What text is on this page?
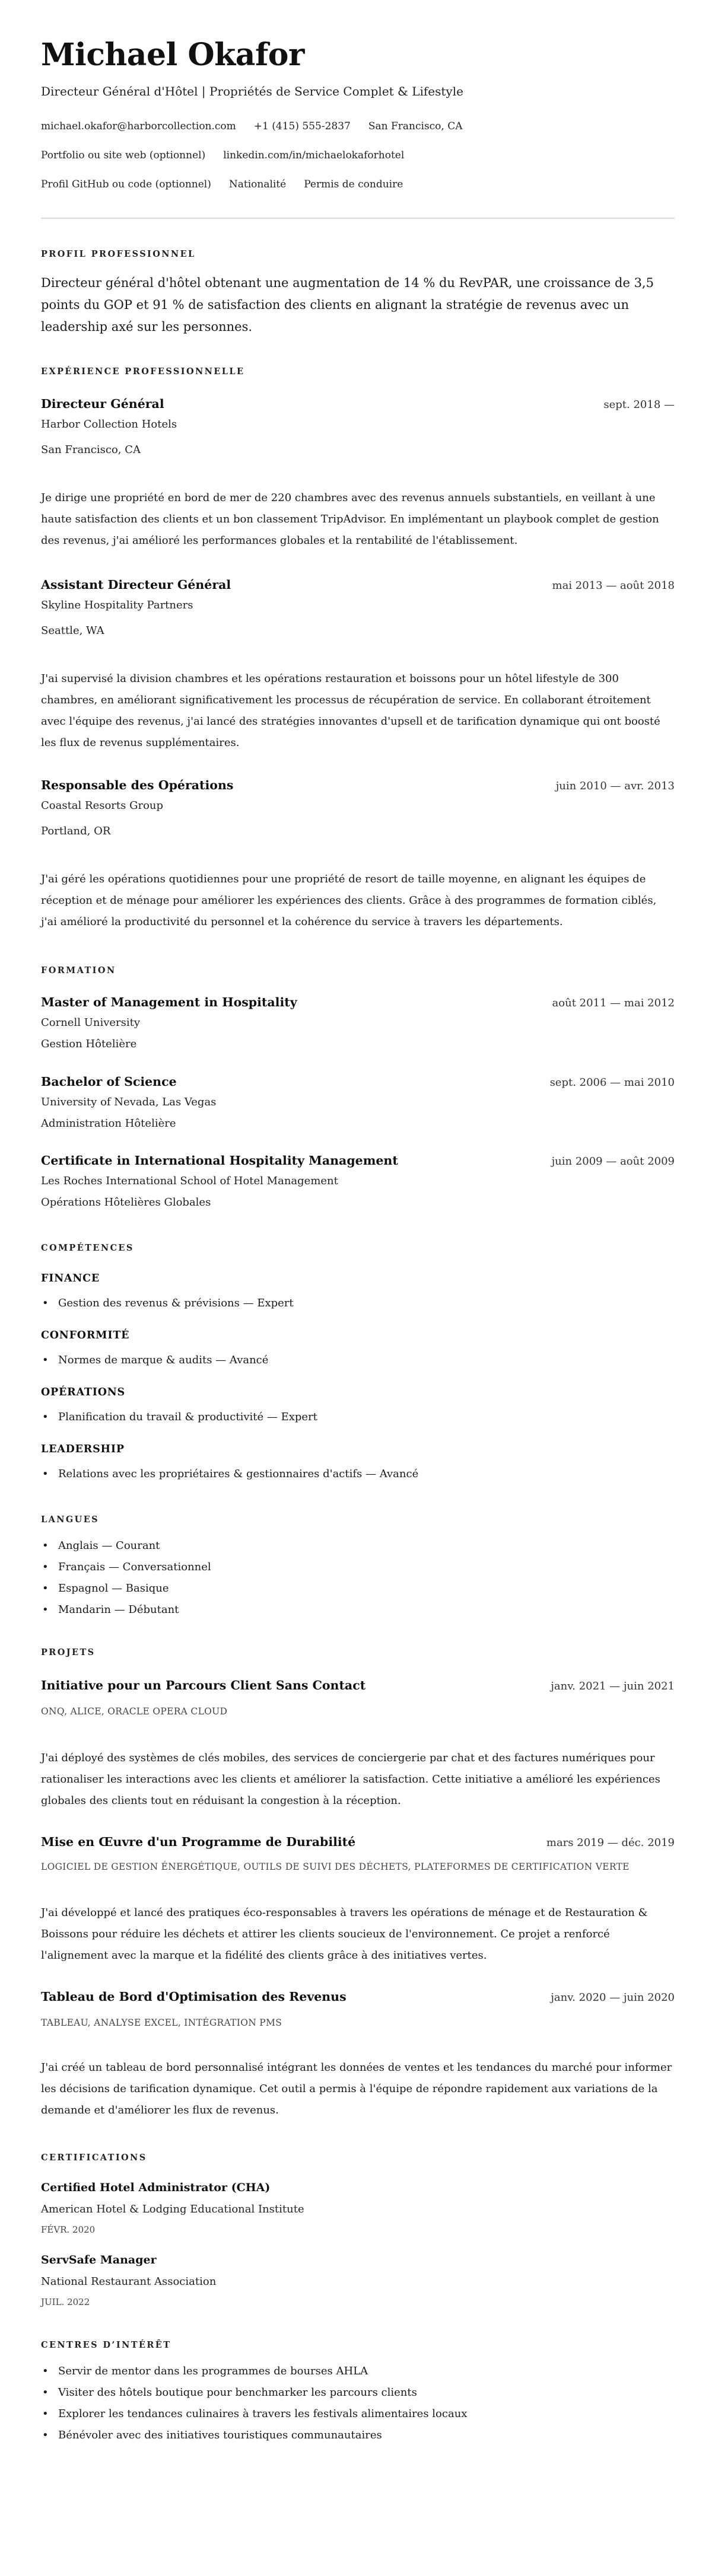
Michael Okafor
Directeur Général d'Hôtel | Propriétés de Service Complet & Lifestyle
michael.okafor@harborcollection.com +1 (415) 555-2837 San Francisco, CA
Portfolio ou site web (optionnel) linkedin.com/in/michaelokaforhotel
Profil GitHub ou code (optionnel) Nationalité Permis de conduire
PROFIL PROFESSIONNEL

Directeur général d'hôtel obtenant une augmentation de 14 % du RevPAR, une croissance de 3,5 points du GOP et 91 % de satisfaction des clients en alignant la stratégie de revenus avec un leadership axé sur les personnes.

EXPÉRIENCE PROFESSIONNELLE
Directeur Général	sept. 2018 —
Harbor Collection Hotels
San Francisco, CA

Je dirige une propriété en bord de mer de 220 chambres avec des revenus annuels substantiels, en veillant à une haute satisfaction des clients et un bon classement TripAdvisor. En implémentant un playbook complet de gestion des revenus, j'ai amélioré les performances globales et la rentabilité de l'établissement.

Assistant Directeur Général	mai 2013 — août 2018
Skyline Hospitality Partners
Seattle, WA

J'ai supervisé la division chambres et les opérations restauration et boissons pour un hôtel lifestyle de 300 chambres, en améliorant significativement les processus de récupération de service. En collaborant étroitement avec l'équipe des revenus, j'ai lancé des stratégies innovantes d'upsell et de tarification dynamique qui ont boosté les flux de revenus supplémentaires.

Responsable des Opérations	juin 2010 — avr. 2013
Coastal Resorts Group
Portland, OR

J'ai géré les opérations quotidiennes pour une propriété de resort de taille moyenne, en alignant les équipes de réception et de ménage pour améliorer les expériences des clients. Grâce à des programmes de formation ciblés, j'ai amélioré la productivité du personnel et la cohérence du service à travers les départements.

FORMATION
Master of Management in Hospitality	août 2011 — mai 2012
Cornell University
Gestion Hôtelière
Bachelor of Science	sept. 2006 — mai 2010
University of Nevada, Las Vegas
Administration Hôtelière
Certificate in International Hospitality Management	juin 2009 — août 2009
Les Roches International School of Hotel Management
Opérations Hôtelières Globales
COMPÉTENCES
FINANCE
• Gestion des revenus & prévisions — Expert
CONFORMITÉ
• Normes de marque & audits — Avancé
OPÉRATIONS
• Planification du travail & productivité — Expert
LEADERSHIP
• Relations avec les propriétaires & gestionnaires d'actifs — Avancé
LANGUES
• Anglais — Courant
• Français — Conversationnel
• Espagnol — Basique
• Mandarin — Débutant
PROJETS
Initiative pour un Parcours Client Sans Contact	janv. 2021 — juin 2021
ONQ, ALICE, ORACLE OPERA CLOUD

J'ai déployé des systèmes de clés mobiles, des services de conciergerie par chat et des factures numériques pour rationaliser les interactions avec les clients et améliorer la satisfaction. Cette initiative a amélioré les expériences globales des clients tout en réduisant la congestion à la réception.

Mise en Œuvre d'un Programme de Durabilité	mars 2019 — déc. 2019
LOGICIEL DE GESTION ÉNERGÉTIQUE, OUTILS DE SUIVI DES DÉCHETS, PLATEFORMES DE CERTIFICATION VERTE

J'ai développé et lancé des pratiques éco-responsables à travers les opérations de ménage et de Restauration & Boissons pour réduire les déchets et attirer les clients soucieux de l'environnement. Ce projet a renforcé l'alignement avec la marque et la fidélité des clients grâce à des initiatives vertes.

Tableau de Bord d'Optimisation des Revenus	janv. 2020 — juin 2020
TABLEAU, ANALYSE EXCEL, INTÉGRATION PMS

J'ai créé un tableau de bord personnalisé intégrant les données de ventes et les tendances du marché pour informer les décisions de tarification dynamique. Cet outil a permis à l'équipe de répondre rapidement aux variations de la demande et d'améliorer les flux de revenus.

CERTIFICATIONS
Certified Hotel Administrator (CHA)
American Hotel & Lodging Educational Institute
FÉVR. 2020
ServSafe Manager
National Restaurant Association
JUIL. 2022
CENTRES D’INTÉRÊT
• Servir de mentor dans les programmes de bourses AHLA
• Visiter des hôtels boutique pour benchmarker les parcours clients
• Explorer les tendances culinaires à travers les festivals alimentaires locaux
• Bénévoler avec des initiatives touristiques communautaires
